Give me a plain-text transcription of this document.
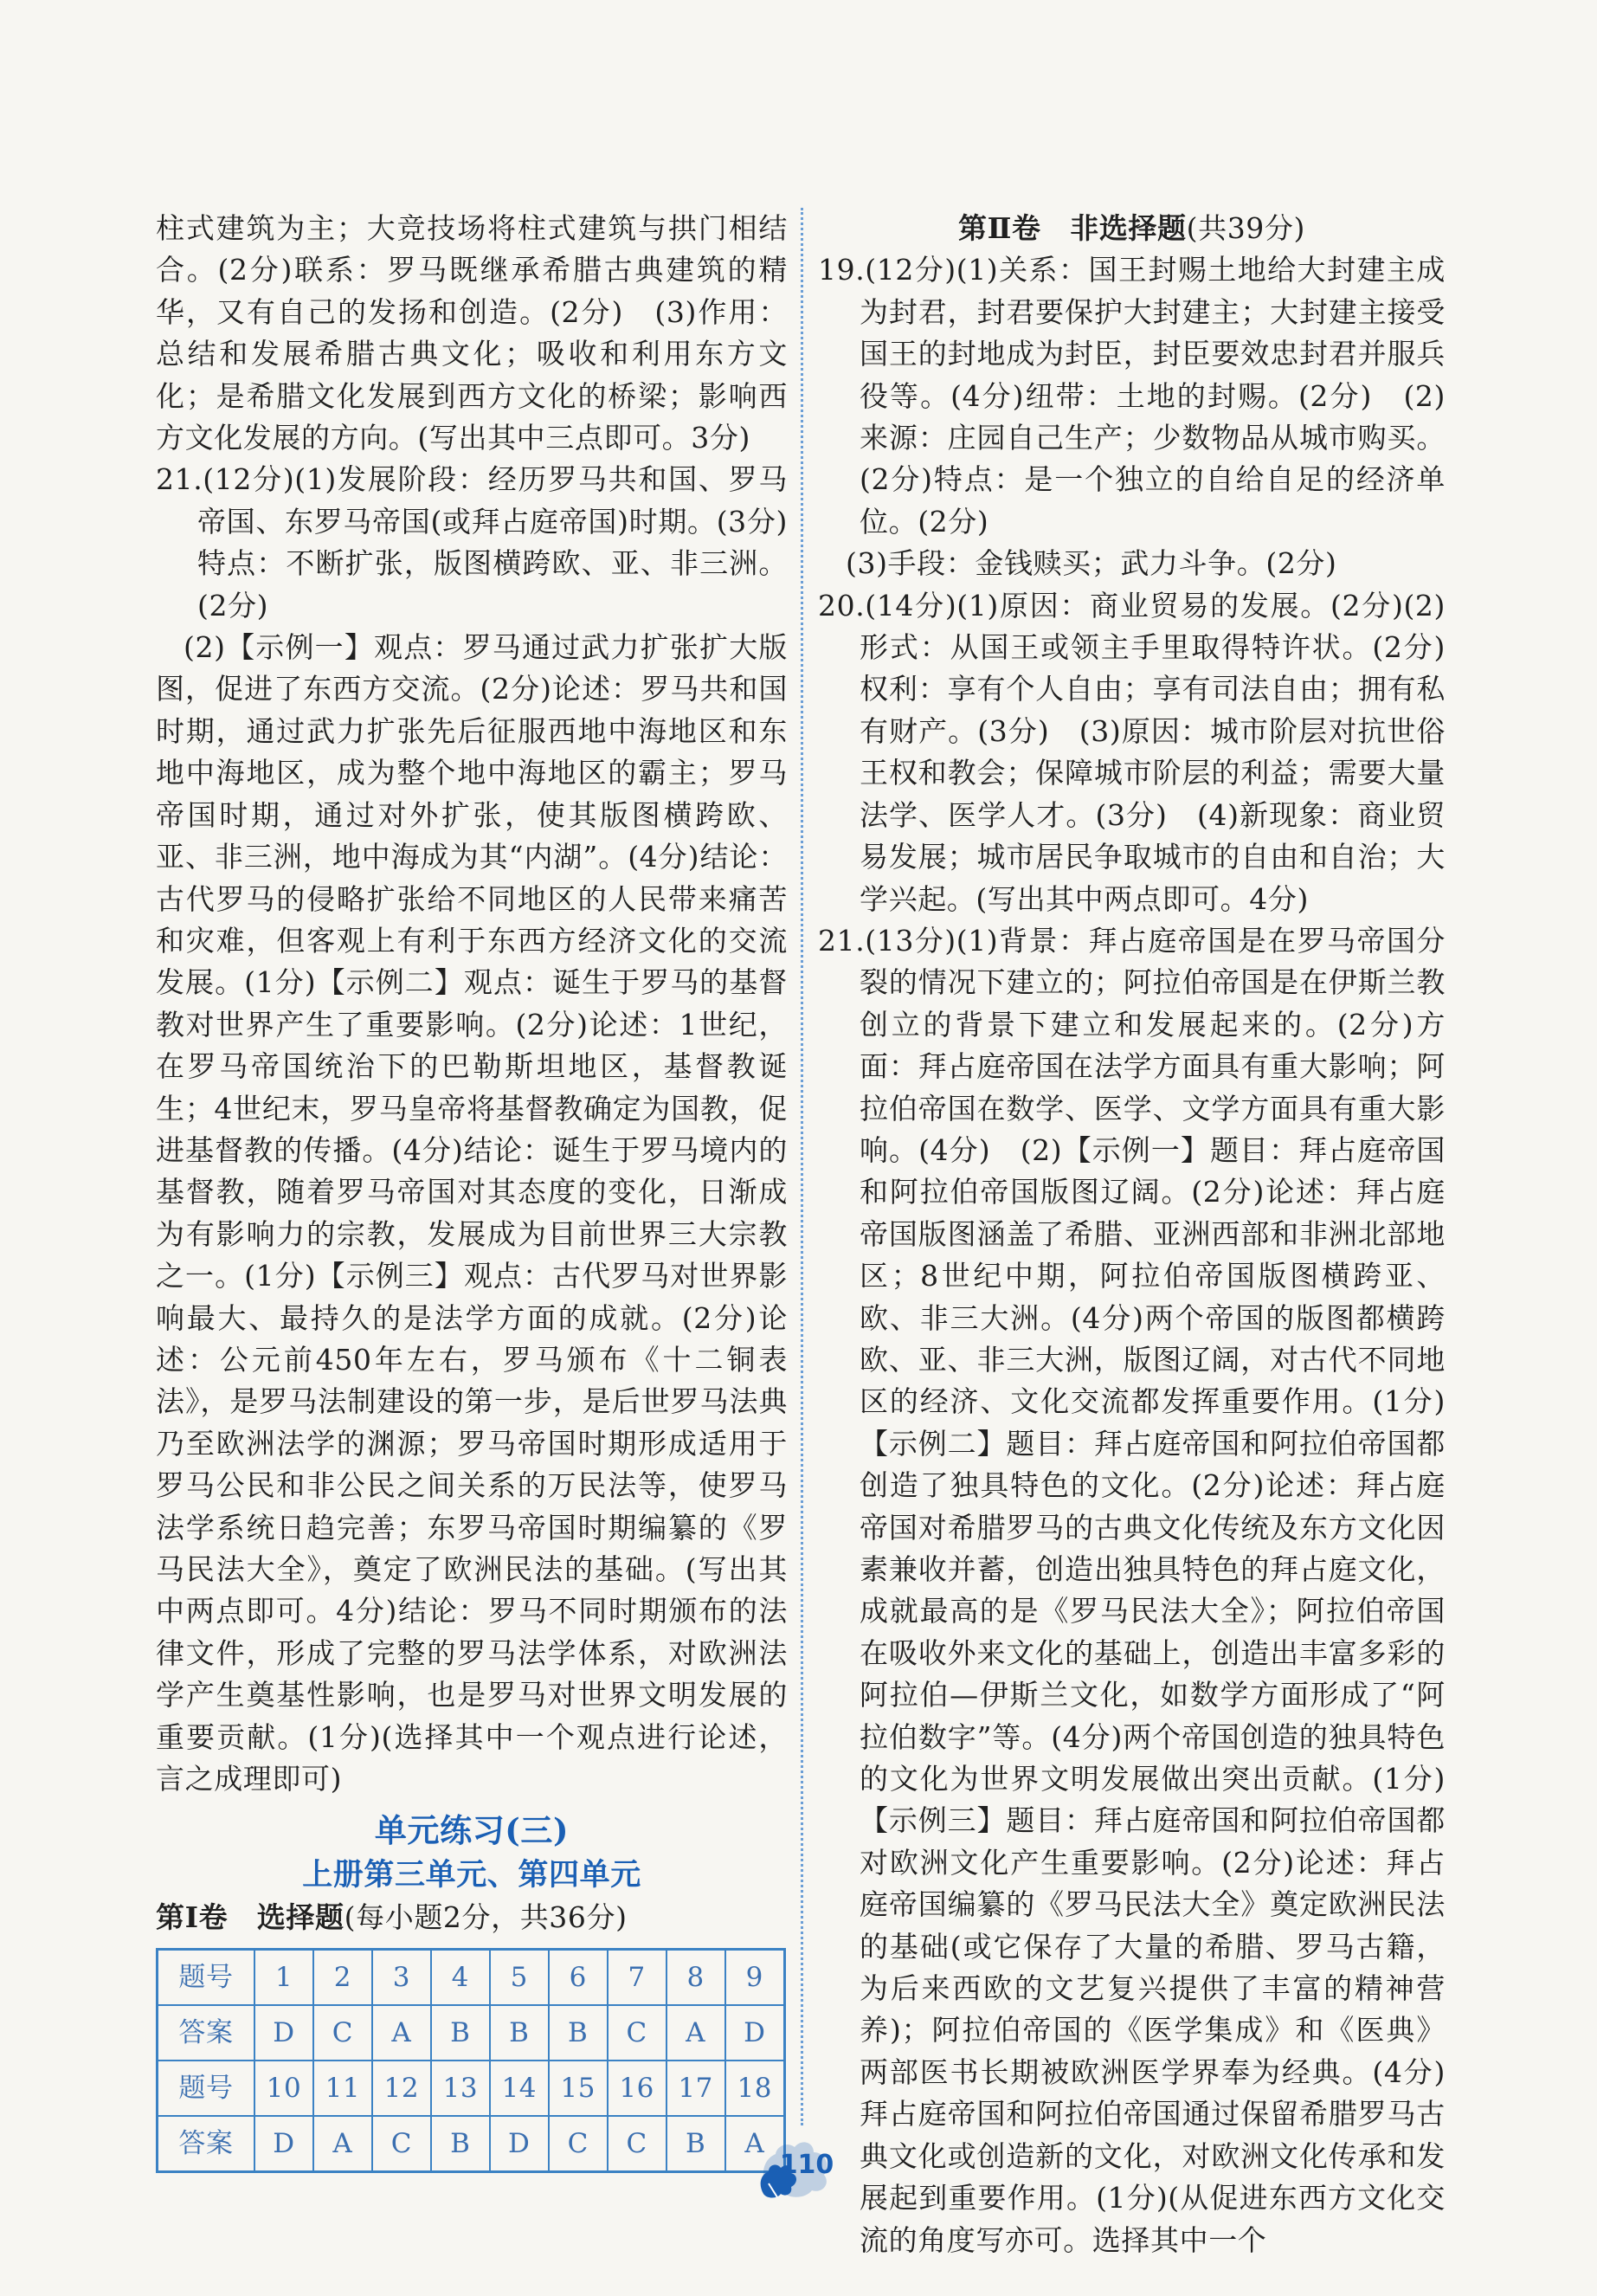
柱式建筑为主；大竞技场将柱式建筑与拱门相结合。(2分)联系：罗马既继承希腊古典建筑的精华，又有自己的发扬和创造。(2分)　(3)作用：总结和发展希腊古典文化；吸收和利用东方文化；是希腊文化发展到西方文化的桥梁；影响西方文化发展的方向。(写出其中三点即可。3分)

21.(12分)(1)发展阶段：经历罗马共和国、罗马帝国、东罗马帝国(或拜占庭帝国)时期。(3分)特点：不断扩张，版图横跨欧、亚、非三洲。(2分)

(2)【示例一】观点：罗马通过武力扩张扩大版图，促进了东西方交流。(2分)论述：罗马共和国时期，通过武力扩张先后征服西地中海地区和东地中海地区，成为整个地中海地区的霸主；罗马帝国时期，通过对外扩张，使其版图横跨欧、亚、非三洲，地中海成为其“内湖”。(4分)结论：古代罗马的侵略扩张给不同地区的人民带来痛苦和灾难，但客观上有利于东西方经济文化的交流发展。(1分)【示例二】观点：诞生于罗马的基督教对世界产生了重要影响。(2分)论述：1世纪，在罗马帝国统治下的巴勒斯坦地区，基督教诞生；4世纪末，罗马皇帝将基督教确定为国教，促进基督教的传播。(4分)结论：诞生于罗马境内的基督教，随着罗马帝国对其态度的变化，日渐成为有影响力的宗教，发展成为目前世界三大宗教之一。(1分)【示例三】观点：古代罗马对世界影响最大、最持久的是法学方面的成就。(2分)论述：公元前450年左右，罗马颁布《十二铜表法》，是罗马法制建设的第一步，是后世罗马法典乃至欧洲法学的渊源；罗马帝国时期形成适用于罗马公民和非公民之间关系的万民法等，使罗马法学系统日趋完善；东罗马帝国时期编纂的《罗马民法大全》，奠定了欧洲民法的基础。(写出其中两点即可。4分)结论：罗马不同时期颁布的法律文件，形成了完整的罗马法学体系，对欧洲法学产生奠基性影响，也是罗马对世界文明发展的重要贡献。(1分)(选择其中一个观点进行论述，言之成理即可)

单元练习(三)
上册第三单元、第四单元

第Ⅰ卷　选择题(每小题2分，共36分)

题号	1	2	3	4	5	6	7	8	9
答案	D	C	A	B	B	B	C	A	D
题号	10	11	12	13	14	15	16	17	18
答案	D	A	C	B	D	C	C	B	A

第Ⅱ卷　非选择题(共39分)

19.(12分)(1)关系：国王封赐土地给大封建主成为封君，封君要保护大封建主；大封建主接受国王的封地成为封臣，封臣要效忠封君并服兵役等。(4分)纽带：土地的封赐。(2分)　(2)来源：庄园自己生产；少数物品从城市购买。(2分)特点：是一个独立的自给自足的经济单位。(2分)

(3)手段：金钱赎买；武力斗争。(2分)

20.(14分)(1)原因：商业贸易的发展。(2分)(2)形式：从国王或领主手里取得特许状。(2分)权利：享有个人自由；享有司法自由；拥有私有财产。(3分)　(3)原因：城市阶层对抗世俗王权和教会；保障城市阶层的利益；需要大量法学、医学人才。(3分)　(4)新现象：商业贸易发展；城市居民争取城市的自由和自治；大学兴起。(写出其中两点即可。4分)

21.(13分)(1)背景：拜占庭帝国是在罗马帝国分裂的情况下建立的；阿拉伯帝国是在伊斯兰教创立的背景下建立和发展起来的。(2分)方面：拜占庭帝国在法学方面具有重大影响；阿拉伯帝国在数学、医学、文学方面具有重大影响。(4分)　(2)【示例一】题目：拜占庭帝国和阿拉伯帝国版图辽阔。(2分)论述：拜占庭帝国版图涵盖了希腊、亚洲西部和非洲北部地区；8世纪中期，阿拉伯帝国版图横跨亚、欧、非三大洲。(4分)两个帝国的版图都横跨欧、亚、非三大洲，版图辽阔，对古代不同地区的经济、文化交流都发挥重要作用。(1分)【示例二】题目：拜占庭帝国和阿拉伯帝国都创造了独具特色的文化。(2分)论述：拜占庭帝国对希腊罗马的古典文化传统及东方文化因素兼收并蓄，创造出独具特色的拜占庭文化，成就最高的是《罗马民法大全》；阿拉伯帝国在吸收外来文化的基础上，创造出丰富多彩的阿拉伯—伊斯兰文化，如数学方面形成了“阿拉伯数字”等。(4分)两个帝国创造的独具特色的文化为世界文明发展做出突出贡献。(1分)【示例三】题目：拜占庭帝国和阿拉伯帝国都对欧洲文化产生重要影响。(2分)论述：拜占庭帝国编纂的《罗马民法大全》奠定欧洲民法的基础(或它保存了大量的希腊、罗马古籍，为后来西欧的文艺复兴提供了丰富的精神营养)；阿拉伯帝国的《医学集成》和《医典》两部医书长期被欧洲医学界奉为经典。(4分)拜占庭帝国和阿拉伯帝国通过保留希腊罗马古典文化或创造新的文化，对欧洲文化传承和发展起到重要作用。(1分)(从促进东西方文化交流的角度写亦可。选择其中一个

110
